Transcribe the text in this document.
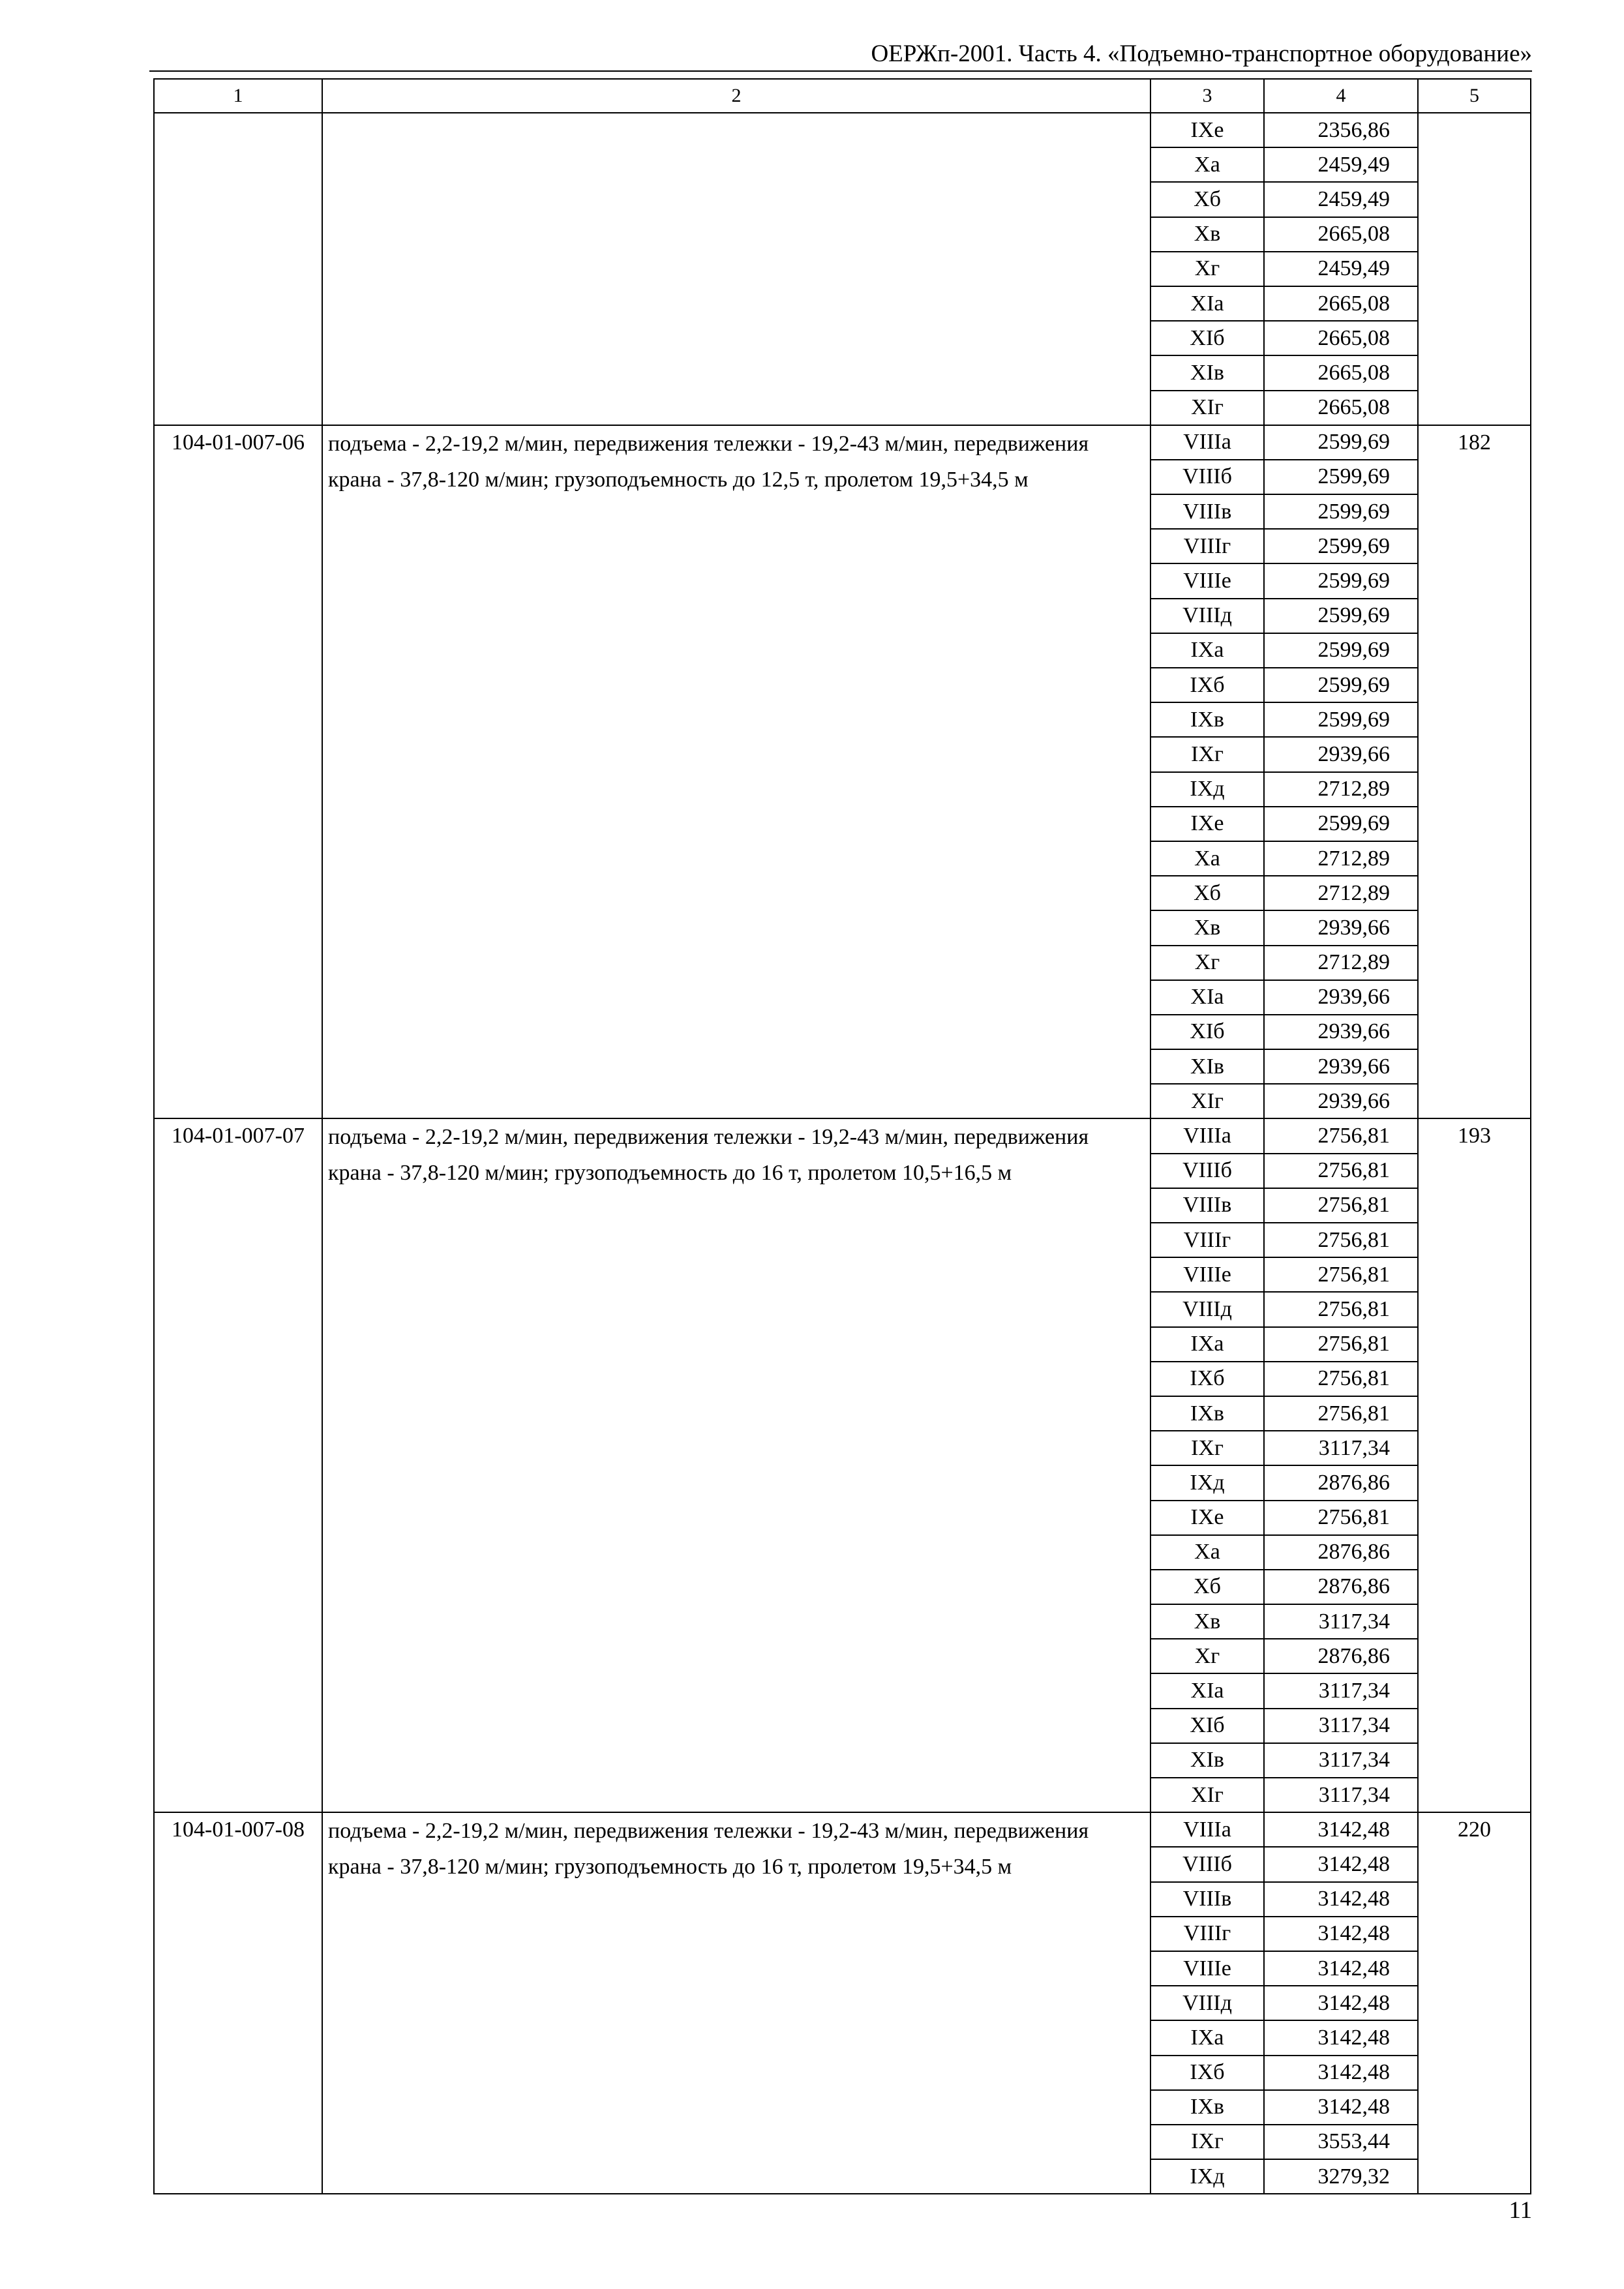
ОЕРЖп-2001. Часть 4. «Подъемно-транспортное оборудование»
1	2	3	4	5
		IXе	2356,86	
		Xа	2459,49	
		Xб	2459,49	
		Xв	2665,08	
		Xг	2459,49	
		XIа	2665,08	
		XIб	2665,08	
		XIв	2665,08	
		XIг	2665,08	
104-01-007-06	подъема - 2,2-19,2 м/мин, передвижения тележки - 19,2-43 м/мин, передвижения крана - 37,8-120 м/мин; грузоподъемность до 12,5 т, пролетом 19,5+34,5 м	VIIIа	2599,69	182
		VIIIб	2599,69	
		VIIIв	2599,69	
		VIIIг	2599,69	
		VIIIе	2599,69	
		VIIIд	2599,69	
		IXа	2599,69	
		IXб	2599,69	
		IXв	2599,69	
		IXг	2939,66	
		IXд	2712,89	
		IXе	2599,69	
		Xа	2712,89	
		Xб	2712,89	
		Xв	2939,66	
		Xг	2712,89	
		XIа	2939,66	
		XIб	2939,66	
		XIв	2939,66	
		XIг	2939,66	
104-01-007-07	подъема - 2,2-19,2 м/мин, передвижения тележки - 19,2-43 м/мин, передвижения крана - 37,8-120 м/мин; грузоподъемность до 16 т, пролетом 10,5+16,5 м	VIIIа	2756,81	193
		VIIIб	2756,81	
		VIIIв	2756,81	
		VIIIг	2756,81	
		VIIIе	2756,81	
		VIIIд	2756,81	
		IXа	2756,81	
		IXб	2756,81	
		IXв	2756,81	
		IXг	3117,34	
		IXд	2876,86	
		IXе	2756,81	
		Xа	2876,86	
		Xб	2876,86	
		Xв	3117,34	
		Xг	2876,86	
		XIа	3117,34	
		XIб	3117,34	
		XIв	3117,34	
		XIг	3117,34	
104-01-007-08	подъема - 2,2-19,2 м/мин, передвижения тележки - 19,2-43 м/мин, передвижения крана - 37,8-120 м/мин; грузоподъемность до 16 т, пролетом 19,5+34,5 м	VIIIа	3142,48	220
		VIIIб	3142,48	
		VIIIв	3142,48	
		VIIIг	3142,48	
		VIIIе	3142,48	
		VIIIд	3142,48	
		IXа	3142,48	
		IXб	3142,48	
		IXв	3142,48	
		IXг	3553,44	
		IXд	3279,32	
11
